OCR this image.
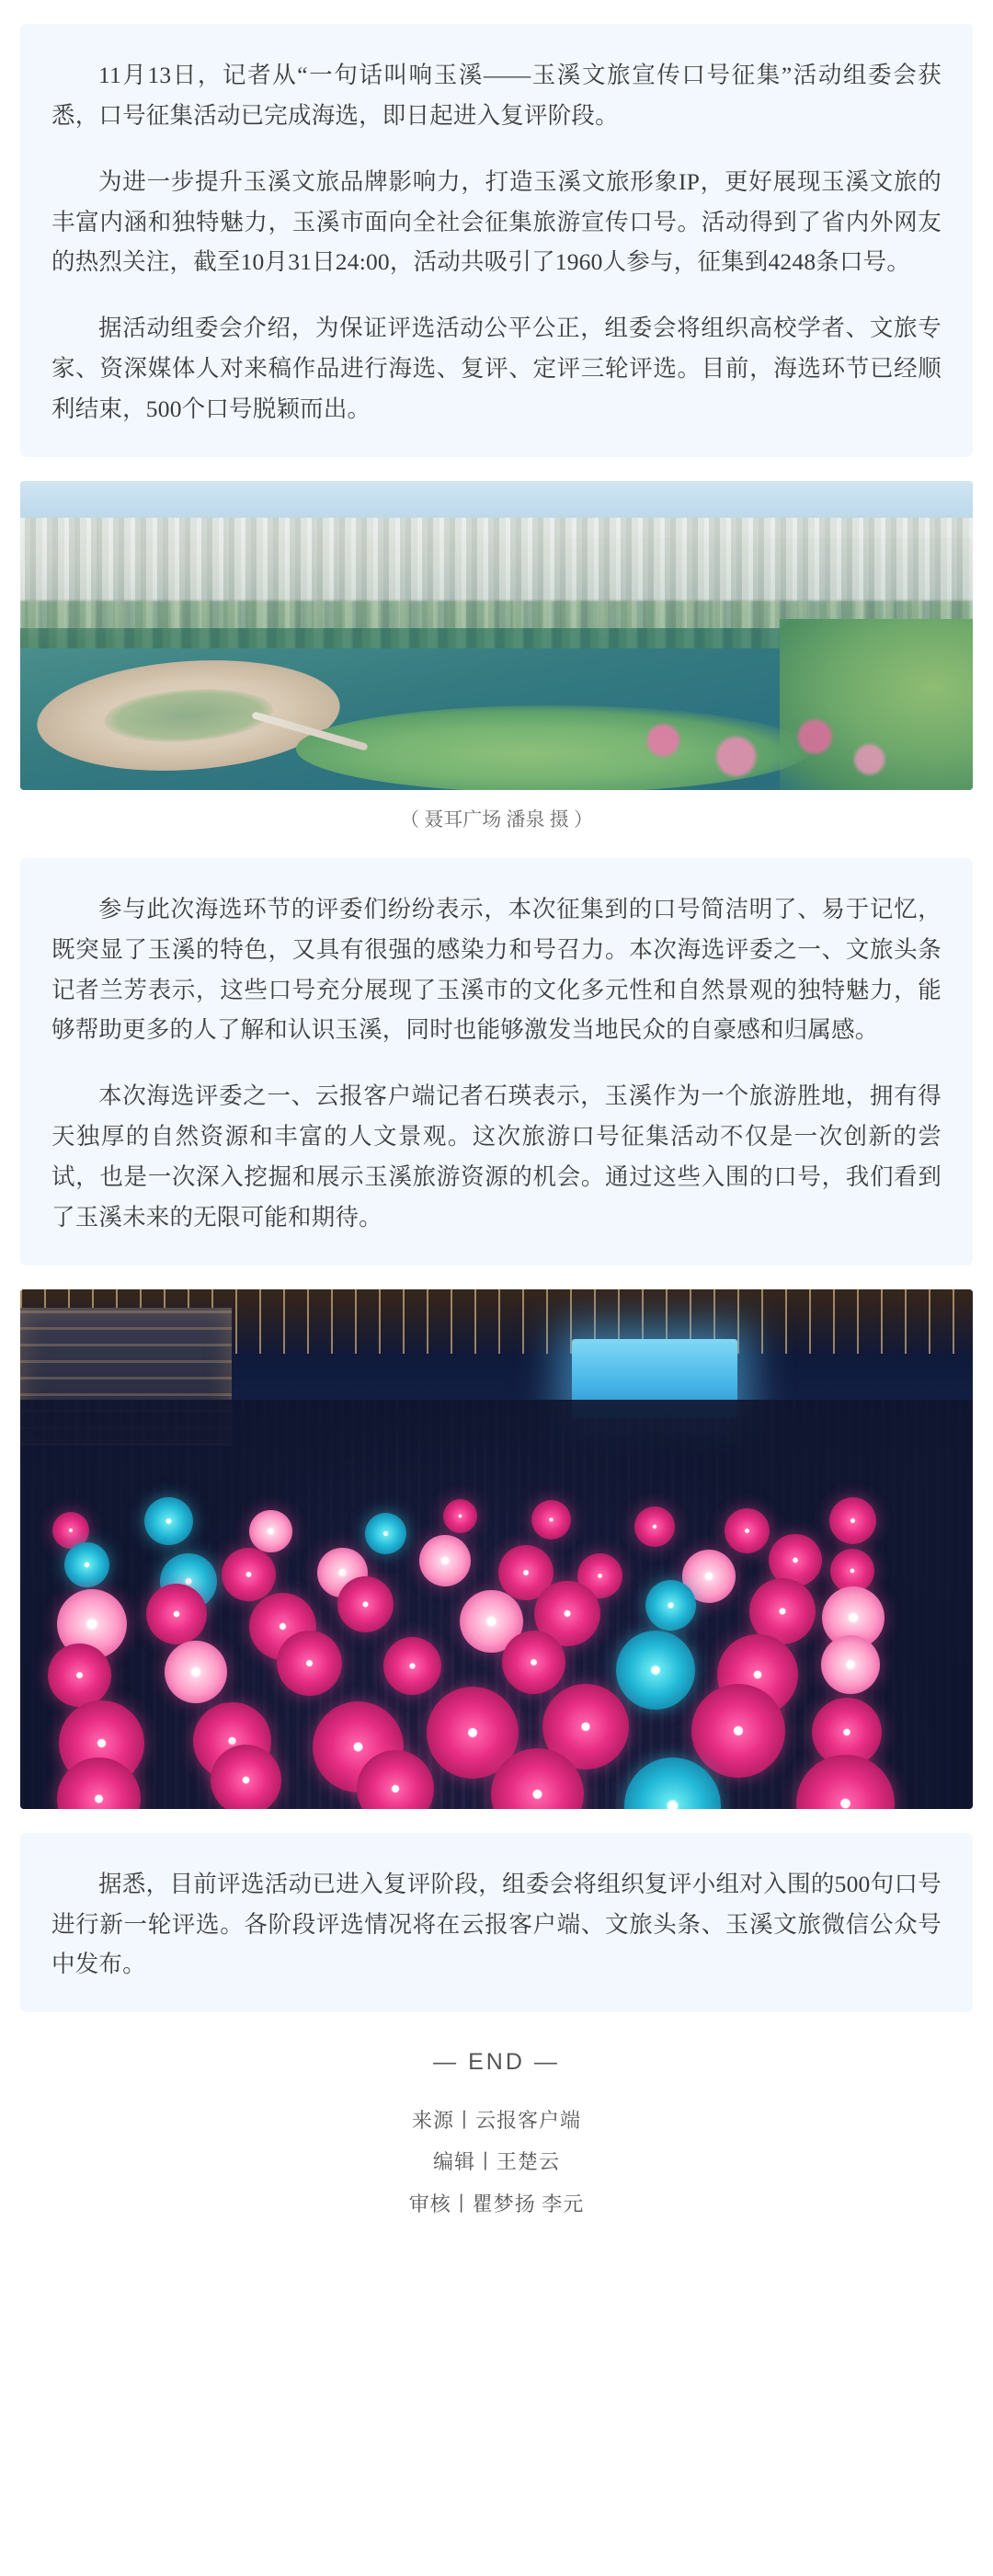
11月13日，记者从“一句话叫响玉溪——玉溪文旅宣传口号征集”活动组委会获悉，口号征集活动已完成海选，即日起进入复评阶段。

为进一步提升玉溪文旅品牌影响力，打造玉溪文旅形象IP，更好展现玉溪文旅的丰富内涵和独特魅力，玉溪市面向全社会征集旅游宣传口号。活动得到了省内外网友的热烈关注，截至10月31日24:00，活动共吸引了1960人参与，征集到4248条口号。

据活动组委会介绍，为保证评选活动公平公正，组委会将组织高校学者、文旅专家、资深媒体人对来稿作品进行海选、复评、定评三轮评选。目前，海选环节已经顺利结束，500个口号脱颖而出。

（ 聂耳广场 潘泉 摄 ）

参与此次海选环节的评委们纷纷表示，本次征集到的口号简洁明了、易于记忆，既突显了玉溪的特色，又具有很强的感染力和号召力。本次海选评委之一、文旅头条记者兰芳表示，这些口号充分展现了玉溪市的文化多元性和自然景观的独特魅力，能够帮助更多的人了解和认识玉溪，同时也能够激发当地民众的自豪感和归属感。

本次海选评委之一、云报客户端记者石瑛表示，玉溪作为一个旅游胜地，拥有得天独厚的自然资源和丰富的人文景观。这次旅游口号征集活动不仅是一次创新的尝试，也是一次深入挖掘和展示玉溪旅游资源的机会。通过这些入围的口号，我们看到了玉溪未来的无限可能和期待。

据悉，目前评选活动已进入复评阶段，组委会将组织复评小组对入围的500句口号进行新一轮评选。各阶段评选情况将在云报客户端、文旅头条、玉溪文旅微信公众号中发布。

— END —
来源丨云报客户端
编辑丨王楚云
审核丨瞿梦扬 李元
